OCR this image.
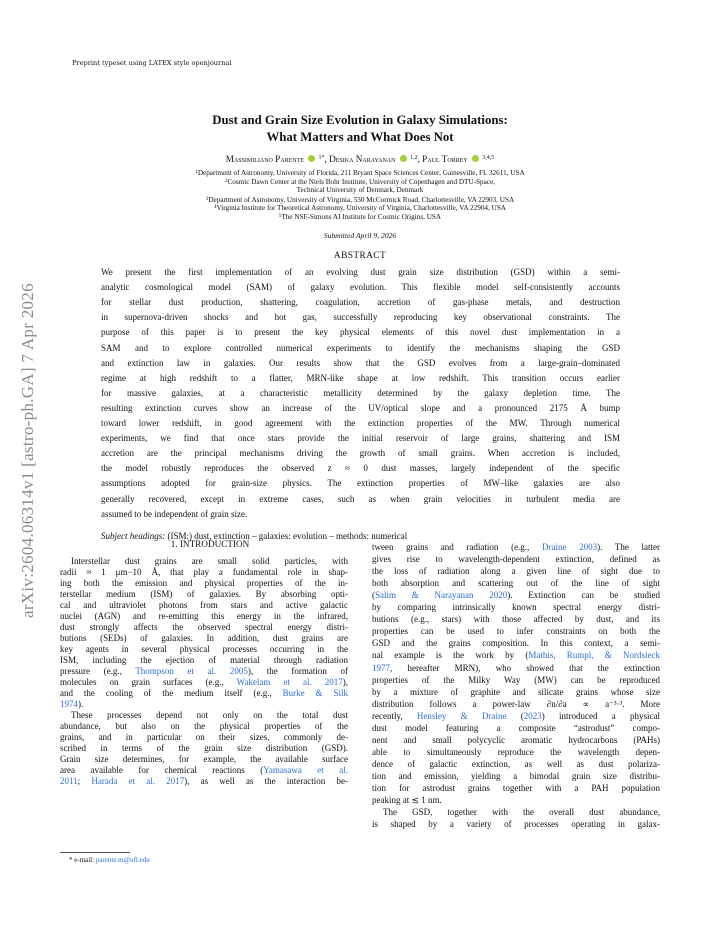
Preprint typeset using LATEX style openjournal
arXiv:2604.06314v1 [astro-ph.GA] 7 Apr 2026
Dust and Grain Size Evolution in Galaxy Simulations:
What Matters and What Does Not
Massimiliano Parente $^{1*}$, Desika Narayanan $^{1,2}$, Paul Torrey $^{3,4,5}$
$^1$Department of Astronomy, University of Florida, 211 Bryant Space Sciences Center, Gainesville, FL 32611, USA
$^2$Cosmic Dawn Center at the Niels Bohr Institute, University of Copenhagen and DTU-Space,
Technical University of Denmark, Denmark
$^3$Department of Astronomy, University of Virginia, 530 McCormick Road, Charlottesville, VA 22903, USA
$^4$Virginia Institute for Theoretical Astronomy, University of Virginia, Charlottesville, VA 22904, USA
$^5$The NSF-Simons AI Institute for Cosmic Origins, USA
Submitted April 9, 2026
ABSTRACT
We present the first implementation of an evolving dust grain size distribution (GSD) within a semi-
analytic cosmological model (SAM) of galaxy evolution. This flexible model self-consistently accounts
for stellar dust production, shattering, coagulation, accretion of gas-phase metals, and destruction
in supernova-driven shocks and hot gas, successfully reproducing key observational constraints. The
purpose of this paper is to present the key physical elements of this novel dust implementation in a
SAM and to explore controlled numerical experiments to identify the mechanisms shaping the GSD
and extinction law in galaxies. Our results show that the GSD evolves from a large-grain–dominated
regime at high redshift to a flatter, MRN-like shape at low redshift. This transition occurs earlier
for massive galaxies, at a characteristic metallicity determined by the galaxy depletion time. The
resulting extinction curves show an increase of the UV/optical slope and a pronounced 2175 Å bump
toward lower redshift, in good agreement with the extinction properties of the MW. Through numerical
experiments, we find that once stars provide the initial reservoir of large grains, shattering and ISM
accretion are the principal mechanisms driving the growth of small grains. When accretion is included,
the model robustly reproduces the observed z ≈ 0 dust masses, largely independent of the specific
assumptions adopted for grain-size physics. The extinction properties of MW–like galaxies are also
generally recovered, except in extreme cases, such as when grain velocities in turbulent media are
assumed to be independent of grain size.
Subject headings: (ISM:) dust, extinction – galaxies: evolution – methods: numerical
1. INTRODUCTION
Interstellar dust grains are small solid particles, with
radii ≈ 1 μm−10 Å, that play a fundamental role in shap-
ing both the emission and physical properties of the in-
terstellar medium (ISM) of galaxies. By absorbing opti-
cal and ultraviolet photons from stars and active galactic
nuclei (AGN) and re-emitting this energy in the infrared,
dust strongly affects the observed spectral energy distri-
butions (SEDs) of galaxies. In addition, dust grains are
key agents in several physical processes occurring in the
ISM, including the ejection of material through radiation
pressure (e.g., Thompson et al. 2005), the formation of
molecules on grain surfaces (e.g., Wakelam et al. 2017),
and the cooling of the medium itself (e.g., Burke & Silk
1974).
These processes depend not only on the total dust
abundance, but also on the physical properties of the
grains, and in particular on their sizes, commonly de-
scribed in terms of the grain size distribution (GSD).
Grain size determines, for example, the available surface
area available for chemical reactions (Yamasawa et al.
2011; Harada et al. 2017), as well as the interaction be-
tween grains and radiation (e.g., Draine 2003). The latter
gives rise to wavelength-dependent extinction, defined as
the loss of radiation along a given line of sight due to
both absorption and scattering out of the line of sight
(Salim & Narayanan 2020). Extinction can be studied
by comparing intrinsically known spectral energy distri-
butions (e.g., stars) with those affected by dust, and its
properties can be used to infer constraints on both the
GSD and the grains composition. In this context, a semi-
nal example is the work by (Mathis, Rumpl, & Nordsieck
1977, hereafter MRN), who showed that the extinction
properties of the Milky Way (MW) can be reproduced
by a mixture of graphite and silicate grains whose size
distribution follows a power-law ∂n/∂a ∝ a⁻³·³. More
recently, Hensley & Draine (2023) introduced a physical
dust model featuring a composite “astrodust” compo-
nent and small polycyclic aromatic hydrocarbons (PAHs)
able to simultaneously reproduce the wavelength depen-
dence of galactic extinction, as well as dust polariza-
tion and emission, yielding a bimodal grain size distribu-
tion for astrodust grains together with a PAH population
peaking at ≲ 1 nm.
The GSD, together with the overall dust abundance,
is shaped by a variety of processes operating in galax-
* e-mail: parente.m@ufl.edu
